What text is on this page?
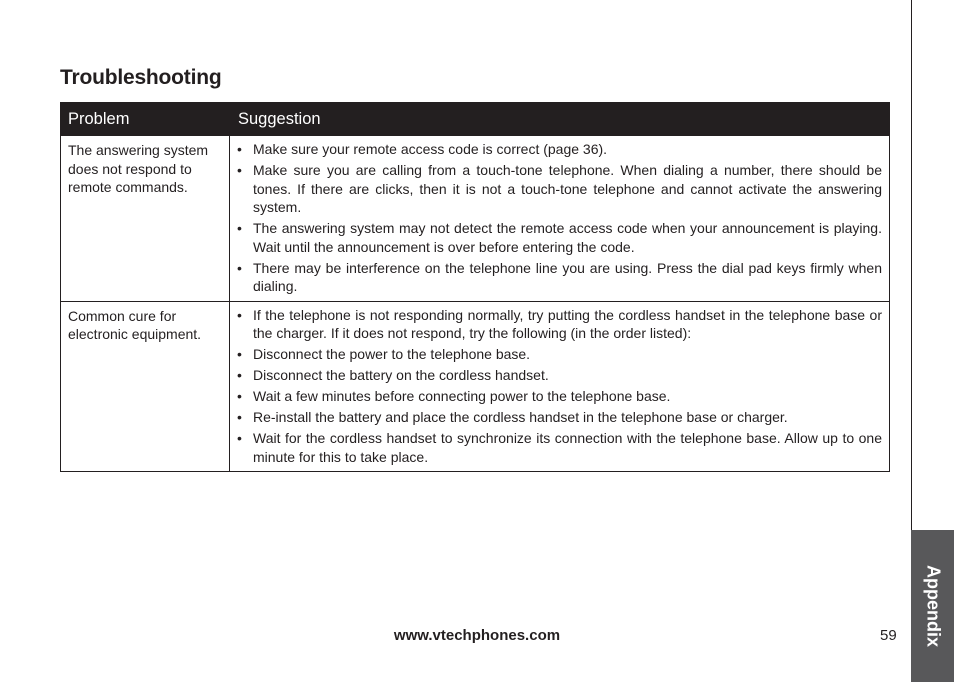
Troubleshooting
Problem	Suggestion
The answering system does not respond to remote commands.
• Make sure your remote access code is correct (page 36).
• Make sure you are calling from a touch-tone telephone. When dialing a number, there should be tones. If there are clicks, then it is not a touch-tone telephone and cannot activate the answering system.
• The answering system may not detect the remote access code when your announcement is playing. Wait until the announcement is over before entering the code.
• There may be interference on the telephone line you are using. Press the dial pad keys firmly when dialing.
Common cure for electronic equipment.
• If the telephone is not responding normally, try putting the cordless handset in the telephone base or the charger. If it does not respond, try the following (in the order listed):
• Disconnect the power to the telephone base.
• Disconnect the battery on the cordless handset.
• Wait a few minutes before connecting power to the telephone base.
• Re-install the battery and place the cordless handset in the telephone base or charger.
• Wait for the cordless handset to synchronize its connection with the telephone base. Allow up to one minute for this to take place.
www.vtechphones.com	59 Appendix
